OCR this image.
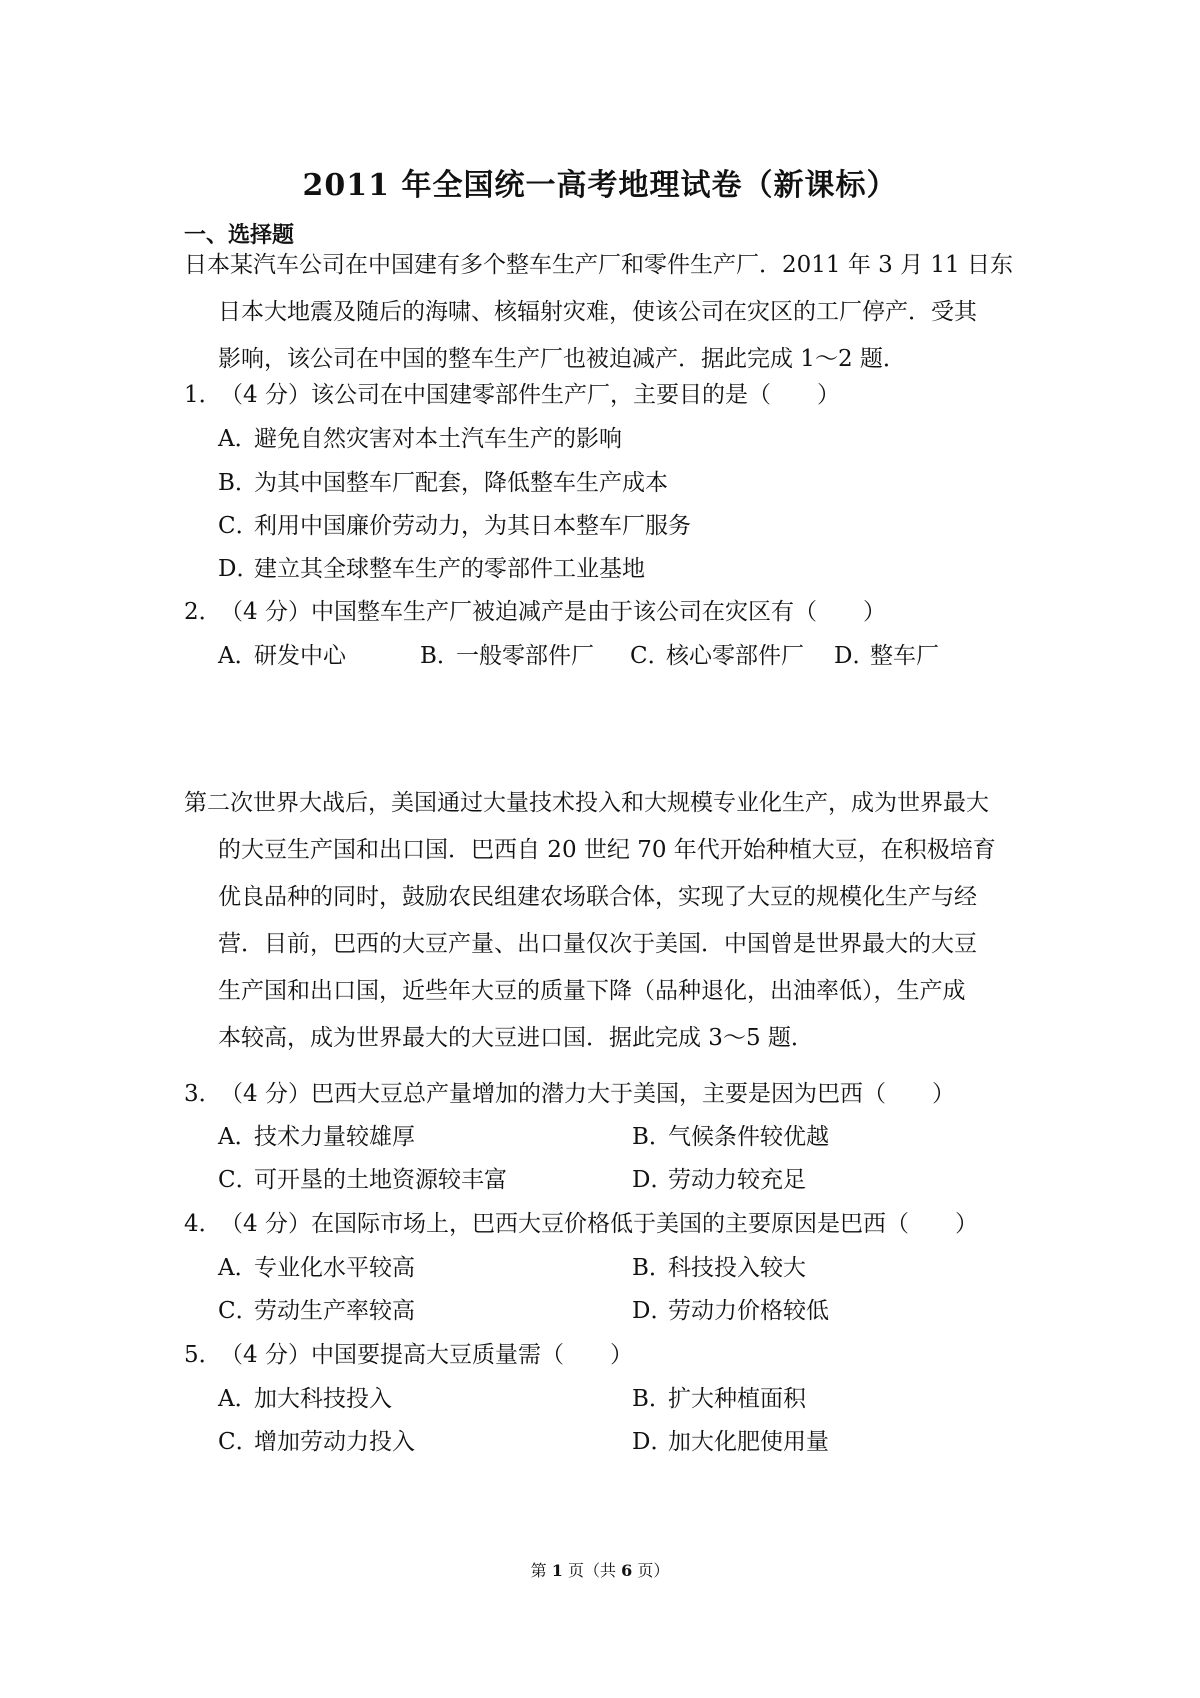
2011 年全国统一高考地理试卷（新课标）
一、选择题

日本某汽车公司在中国建有多个整车生产厂和零件生产厂．2011 年 3 月 11 日东
日本大地震及随后的海啸、核辐射灾难，使该公司在灾区的工厂停产．受其
影响，该公司在中国的整车生产厂也被迫减产．据此完成 1～2 题．

1．（4 分）该公司在中国建零部件生产厂，主要目的是（　　）
A．避免自然灾害对本土汽车生产的影响
B．为其中国整车厂配套，降低整车生产成本
C．利用中国廉价劳动力，为其日本整车厂服务
D．建立其全球整车生产的零部件工业基地
2．（4 分）中国整车生产厂被迫减产是由于该公司在灾区有（　　）
A．研发中心	B．一般零部件厂 C．核心零部件厂 D．整车厂

第二次世界大战后，美国通过大量技术投入和大规模专业化生产，成为世界最大
的大豆生产国和出口国．巴西自 20 世纪 70 年代开始种植大豆，在积极培育
优良品种的同时，鼓励农民组建农场联合体，实现了大豆的规模化生产与经
营．目前，巴西的大豆产量、出口量仅次于美国．中国曾是世界最大的大豆
生产国和出口国，近些年大豆的质量下降（品种退化，出油率低），生产成
本较高，成为世界最大的大豆进口国．据此完成 3～5 题．

3．（4 分）巴西大豆总产量增加的潜力大于美国，主要是因为巴西（　　）
A．技术力量较雄厚	B．气候条件较优越
C．可开垦的土地资源较丰富	D．劳动力较充足
4．（4 分）在国际市场上，巴西大豆价格低于美国的主要原因是巴西（　　）
A．专业化水平较高	B．科技投入较大
C．劳动生产率较高	D．劳动力价格较低
5．（4 分）中国要提高大豆质量需（　　）
A．加大科技投入	B．扩大种植面积
C．增加劳动力投入	D．加大化肥使用量
第 1 页（共 6 页）
